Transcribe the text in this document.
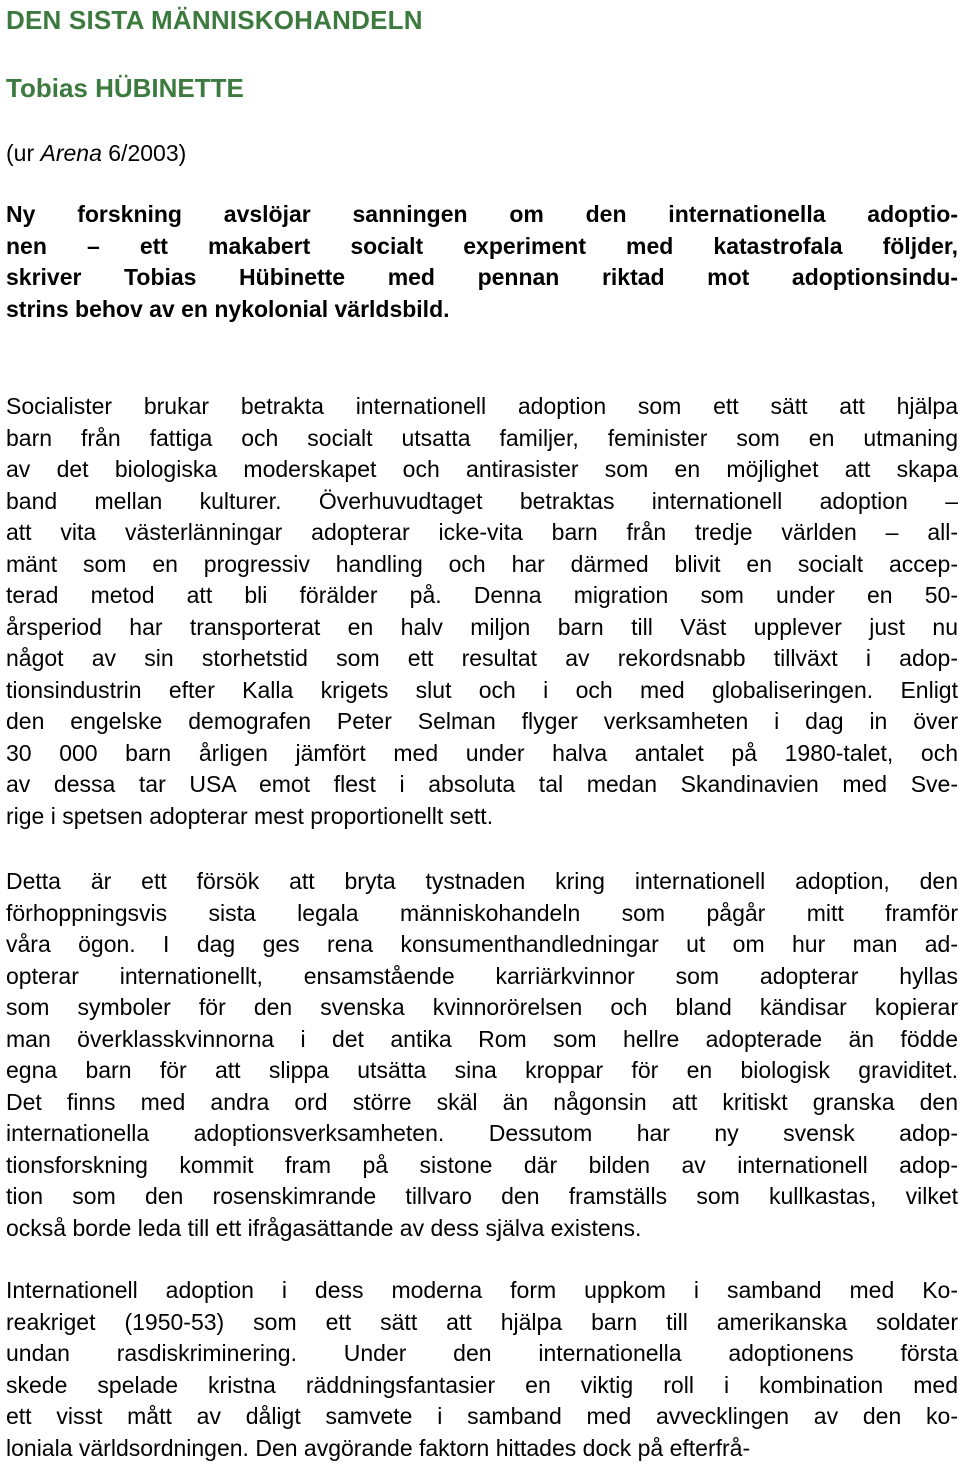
DEN SISTA MÄNNISKOHANDELN
Tobias HÜBINETTE

(ur Arena 6/2003)

Ny forskning avslöjar sanningen om den internationella adoptio-
nen – ett makabert socialt experiment med katastrofala följder,
skriver Tobias Hübinette med pennan riktad mot adoptionsindu-
strins behov av en nykolonial världsbild.
Socialister brukar betrakta internationell adoption som ett sätt att hjälpa
barn från fattiga och socialt utsatta familjer, feminister som en utmaning
av det biologiska moderskapet och antirasister som en möjlighet att skapa
band mellan kulturer. Överhuvudtaget betraktas internationell adoption –
att vita västerlänningar adopterar icke-vita barn från tredje världen – all-
mänt som en progressiv handling och har därmed blivit en socialt accep-
terad metod att bli förälder på. Denna migration som under en 50-
årsperiod har transporterat en halv miljon barn till Väst upplever just nu
något av sin storhetstid som ett resultat av rekordsnabb tillväxt i adop-
tionsindustrin efter Kalla krigets slut och i och med globaliseringen. Enligt
den engelske demografen Peter Selman flyger verksamheten i dag in över
30 000 barn årligen jämfört med under halva antalet på 1980-talet, och
av dessa tar USA emot flest i absoluta tal medan Skandinavien med Sve-
rige i spetsen adopterar mest proportionellt sett.
Detta är ett försök att bryta tystnaden kring internationell adoption, den
förhoppningsvis sista legala människohandeln som pågår mitt framför
våra ögon. I dag ges rena konsumenthandledningar ut om hur man ad-
opterar internationellt, ensamstående karriärkvinnor som adopterar hyllas
som symboler för den svenska kvinnorörelsen och bland kändisar kopierar
man överklasskvinnorna i det antika Rom som hellre adopterade än födde
egna barn för att slippa utsätta sina kroppar för en biologisk graviditet.
Det finns med andra ord större skäl än någonsin att kritiskt granska den
internationella adoptionsverksamheten. Dessutom har ny svensk adop-
tionsforskning kommit fram på sistone där bilden av internationell adop-
tion som den rosenskimrande tillvaro den framställs som kullkastas, vilket
också borde leda till ett ifrågasättande av dess själva existens.
Internationell adoption i dess moderna form uppkom i samband med Ko-
reakriget (1950-53) som ett sätt att hjälpa barn till amerikanska soldater
undan rasdiskriminering. Under den internationella adoptionens första
skede spelade kristna räddningsfantasier en viktig roll i kombination med
ett visst mått av dåligt samvete i samband med avvecklingen av den ko-
loniala världsordningen. Den avgörande faktorn hittades dock på efterfrå-
